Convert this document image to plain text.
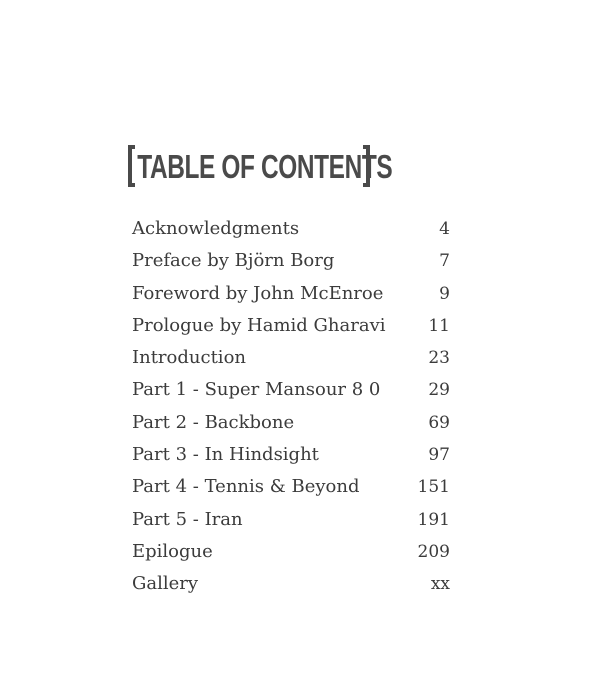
TABLE OF CONTENTS
Acknowledgments	4
Preface by Björn Borg	7
Foreword by John McEnroe	9
Prologue by Hamid Gharavi	11
Introduction	23
Part 1 - Super Mansour 8 0	29
Part 2 - Backbone	69
Part 3 - In Hindsight	97
Part 4 - Tennis & Beyond	151
Part 5 - Iran	191
Epilogue	209
Gallery	xx
